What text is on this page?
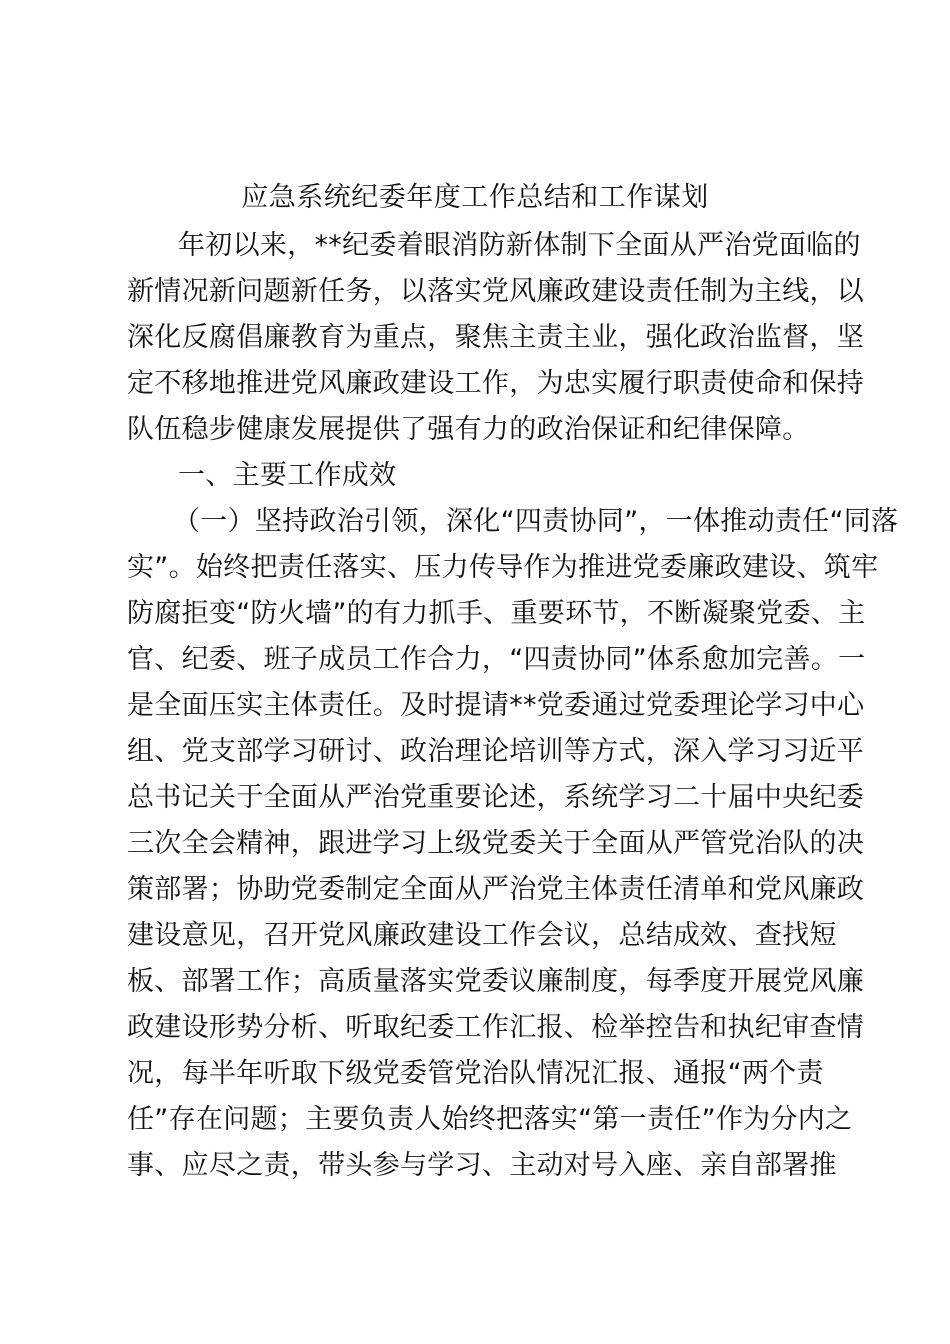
应急系统纪委年度工作总结和工作谋划
年初以来，**纪委着眼消防新体制下全面从严治党面临的
新情况新问题新任务，以落实党风廉政建设责任制为主线，以
深化反腐倡廉教育为重点，聚焦主责主业，强化政治监督，坚
定不移地推进党风廉政建设工作，为忠实履行职责使命和保持
队伍稳步健康发展提供了强有力的政治保证和纪律保障。
一、主要工作成效
（一）坚持政治引领，深化“四责协同”，一体推动责任“同落
实”。始终把责任落实、压力传导作为推进党委廉政建设、筑牢
防腐拒变“防火墙”的有力抓手、重要环节，不断凝聚党委、主
官、纪委、班子成员工作合力，“四责协同”体系愈加完善。一
是全面压实主体责任。及时提请**党委通过党委理论学习中心
组、党支部学习研讨、政治理论培训等方式，深入学习习近平
总书记关于全面从严治党重要论述，系统学习二十届中央纪委
三次全会精神，跟进学习上级党委关于全面从严管党治队的决
策部署；协助党委制定全面从严治党主体责任清单和党风廉政
建设意见，召开党风廉政建设工作会议，总结成效、查找短
板、部署工作；高质量落实党委议廉制度，每季度开展党风廉
政建设形势分析、听取纪委工作汇报、检举控告和执纪审查情
况，每半年听取下级党委管党治队情况汇报、通报“两个责
任”存在问题；主要负责人始终把落实“第一责任”作为分内之
事、应尽之责，带头参与学习、主动对号入座、亲自部署推
